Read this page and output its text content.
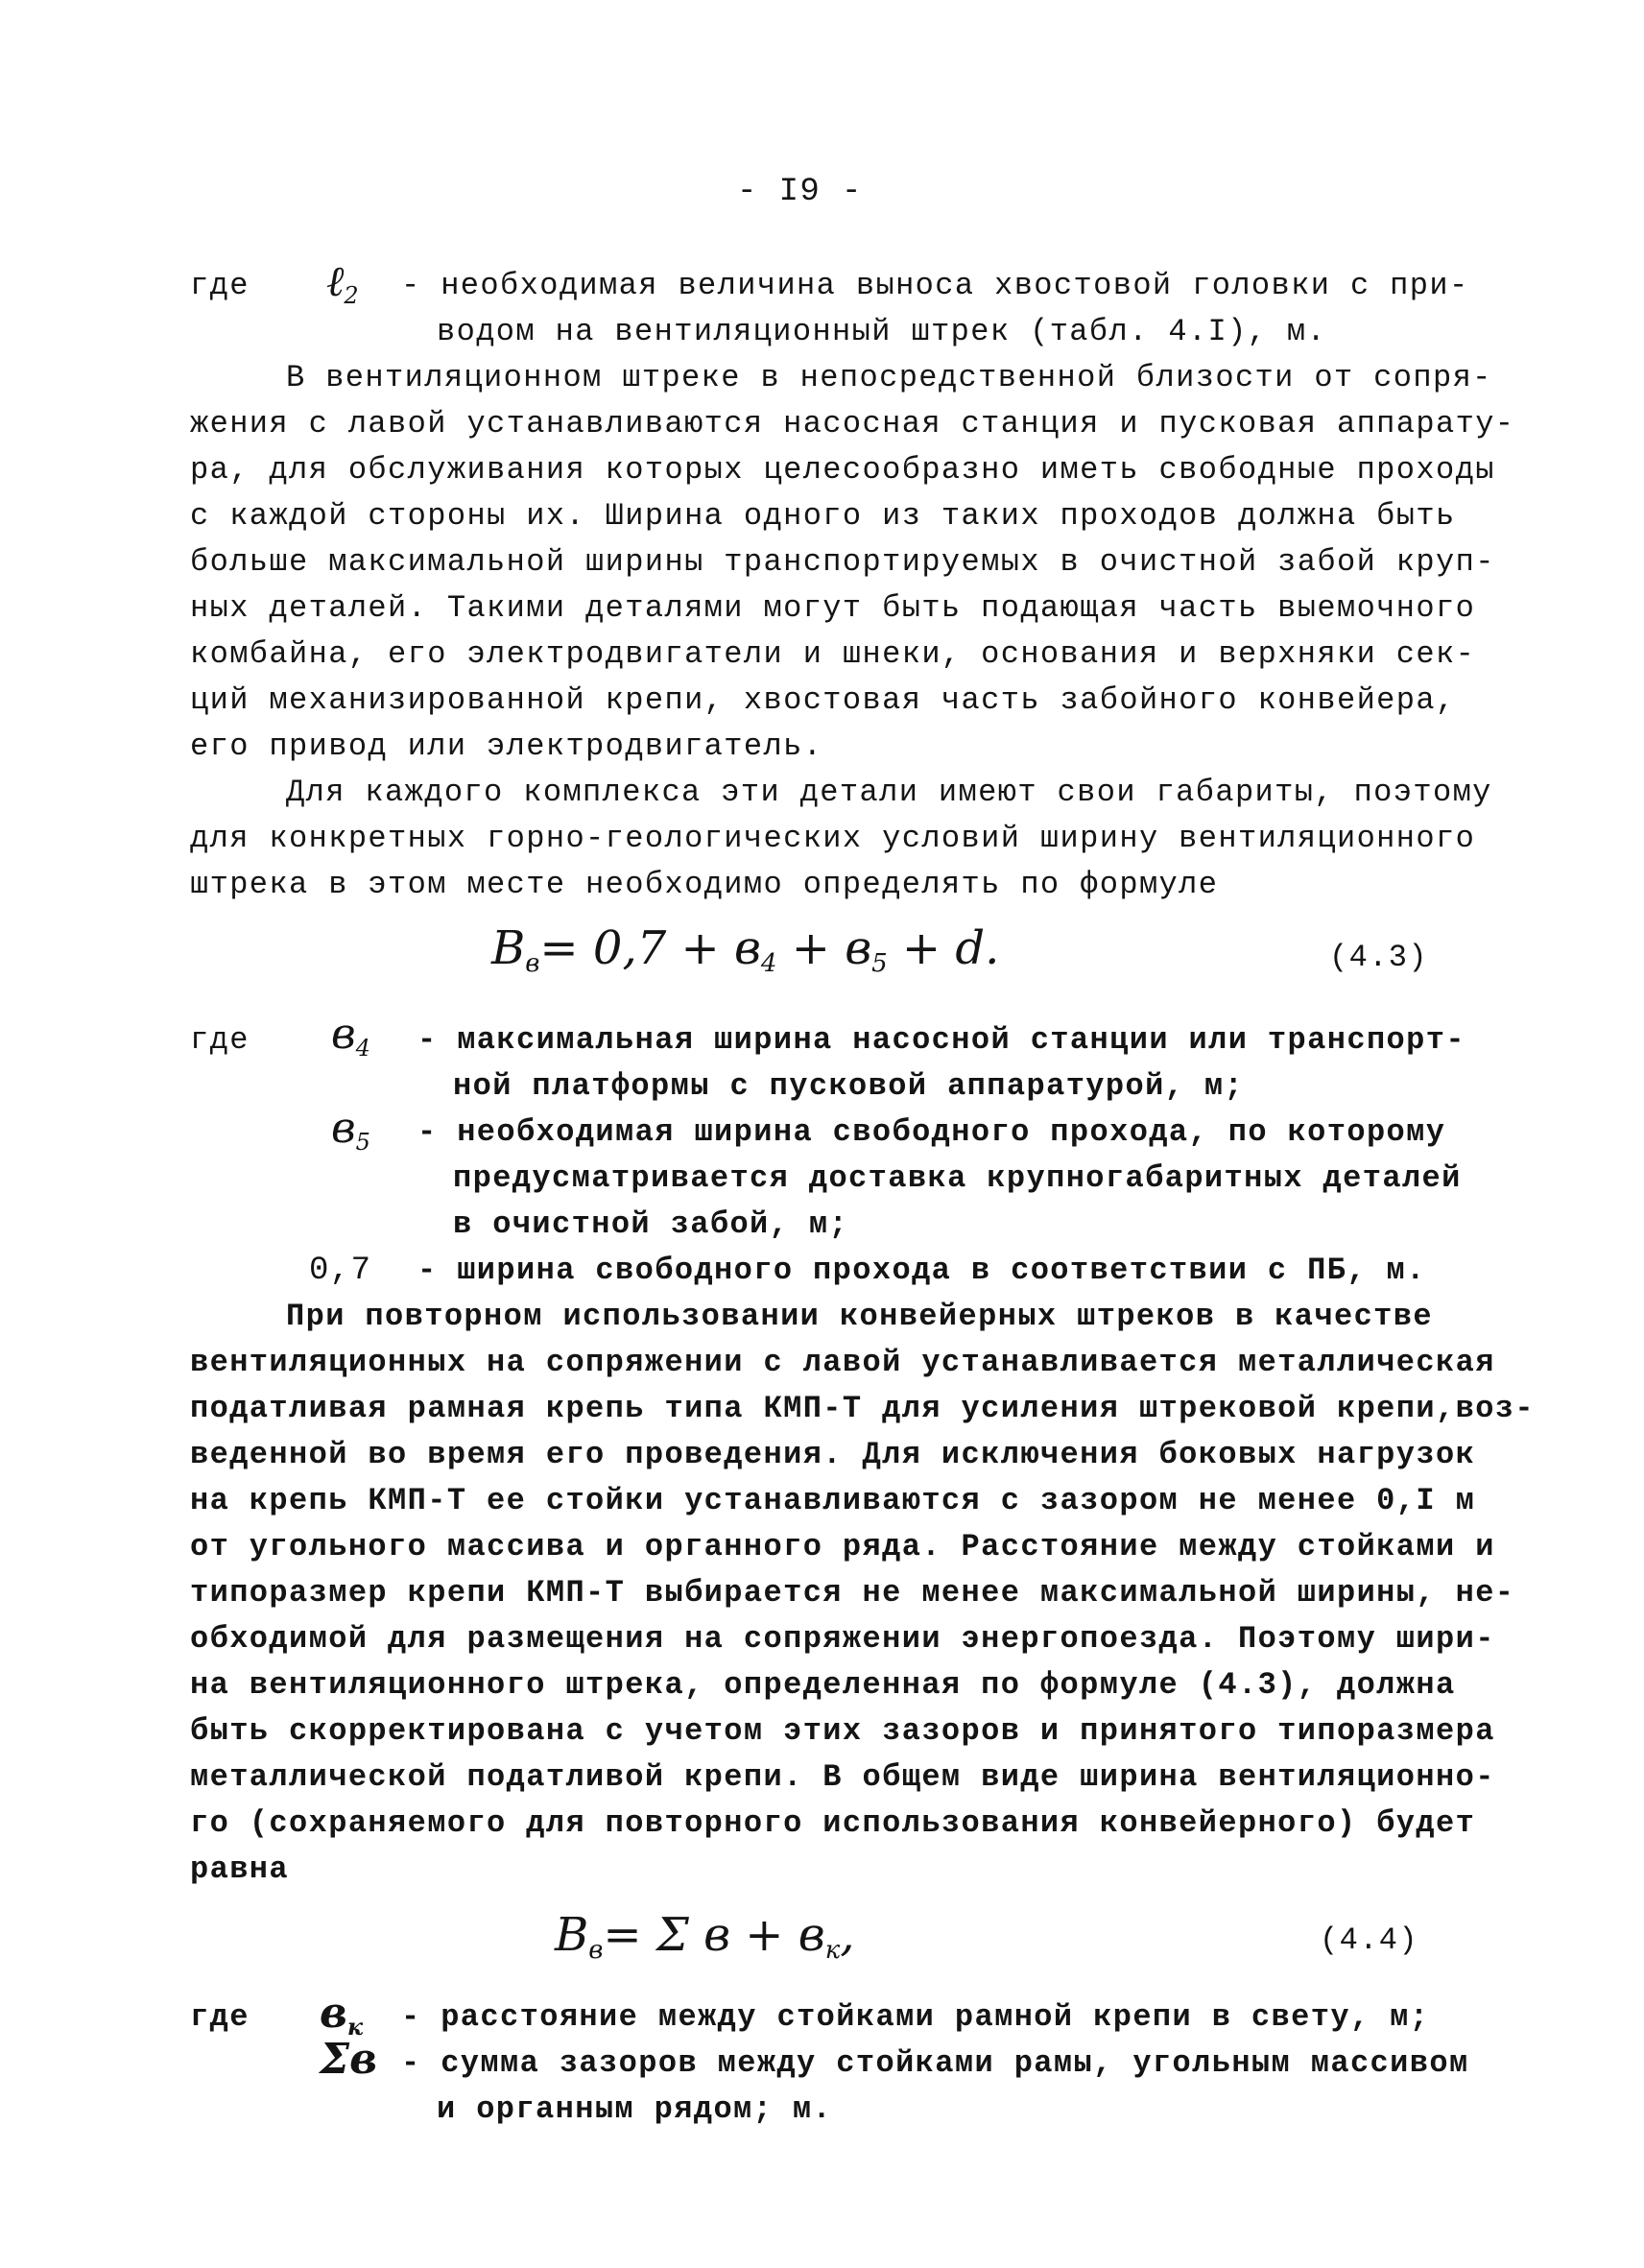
- I9 -
где ℓ$_2$ - необходимая величина выноса хвостовой головки с при-
водом на вентиляционный штрек (табл. 4.I), м.
В вентиляционном штреке в непосредственной близости от сопря-
жения с лавой устанавливаются насосная станция и пусковая аппарату-
ра, для обслуживания которых целесообразно иметь свободные проходы
с каждой стороны их. Ширина одного из таких проходов должна быть
больше максимальной ширины транспортируемых в очистной забой круп-
ных деталей. Такими деталями могут быть подающая часть выемочного
комбайна, его электродвигатели и шнеки, основания и верхняки сек-
ций механизированной крепи, хвостовая часть забойного конвейера,
его привод или электродвигатель.
Для каждого комплекса эти детали имеют свои габариты, поэтому
для конкретных горно-геологических условий ширину вентиляционного
штрека в этом месте необходимо определять по формуле
$B_в= 0,7 + в_4 + в_5 + d$.	(4.3)
где $в_4$ - максимальная ширина насосной станции или транспорт-
ной платформы с пусковой аппаратурой, м;
$в_5$ - необходимая ширина свободного прохода, по которому
предусматривается доставка крупногабаритных деталей
в очистной забой, м;
0,7 - ширина свободного прохода в соответствии с ПБ, м.
При повторном использовании конвейерных штреков в качестве
вентиляционных на сопряжении с лавой устанавливается металлическая
податливая рамная крепь типа КМП-Т для усиления штрековой крепи,воз-
веденной во время его проведения. Для исключения боковых нагрузок
на крепь КМП-Т ее стойки устанавливаются с зазором не менее 0,I м
от угольного массива и органного ряда. Расстояние между стойками и
типоразмер крепи КМП-Т выбирается не менее максимальной ширины, не-
обходимой для размещения на сопряжении энергопоезда. Поэтому шири-
на вентиляционного штрека, определенная по формуле (4.3), должна
быть скорректирована с учетом этих зазоров и принятого типоразмера
металлической податливой крепи. В общем виде ширина вентиляционно-
го (сохраняемого для повторного использования конвейерного) будет
равна
$B_в= \Sigma$ $в + в_к$,	(4.4)
где $в_к$ - расстояние между стойками рамной крепи в свету, м;
Σв - сумма зазоров между стойками рамы, угольным массивом
и органным рядом; м.
